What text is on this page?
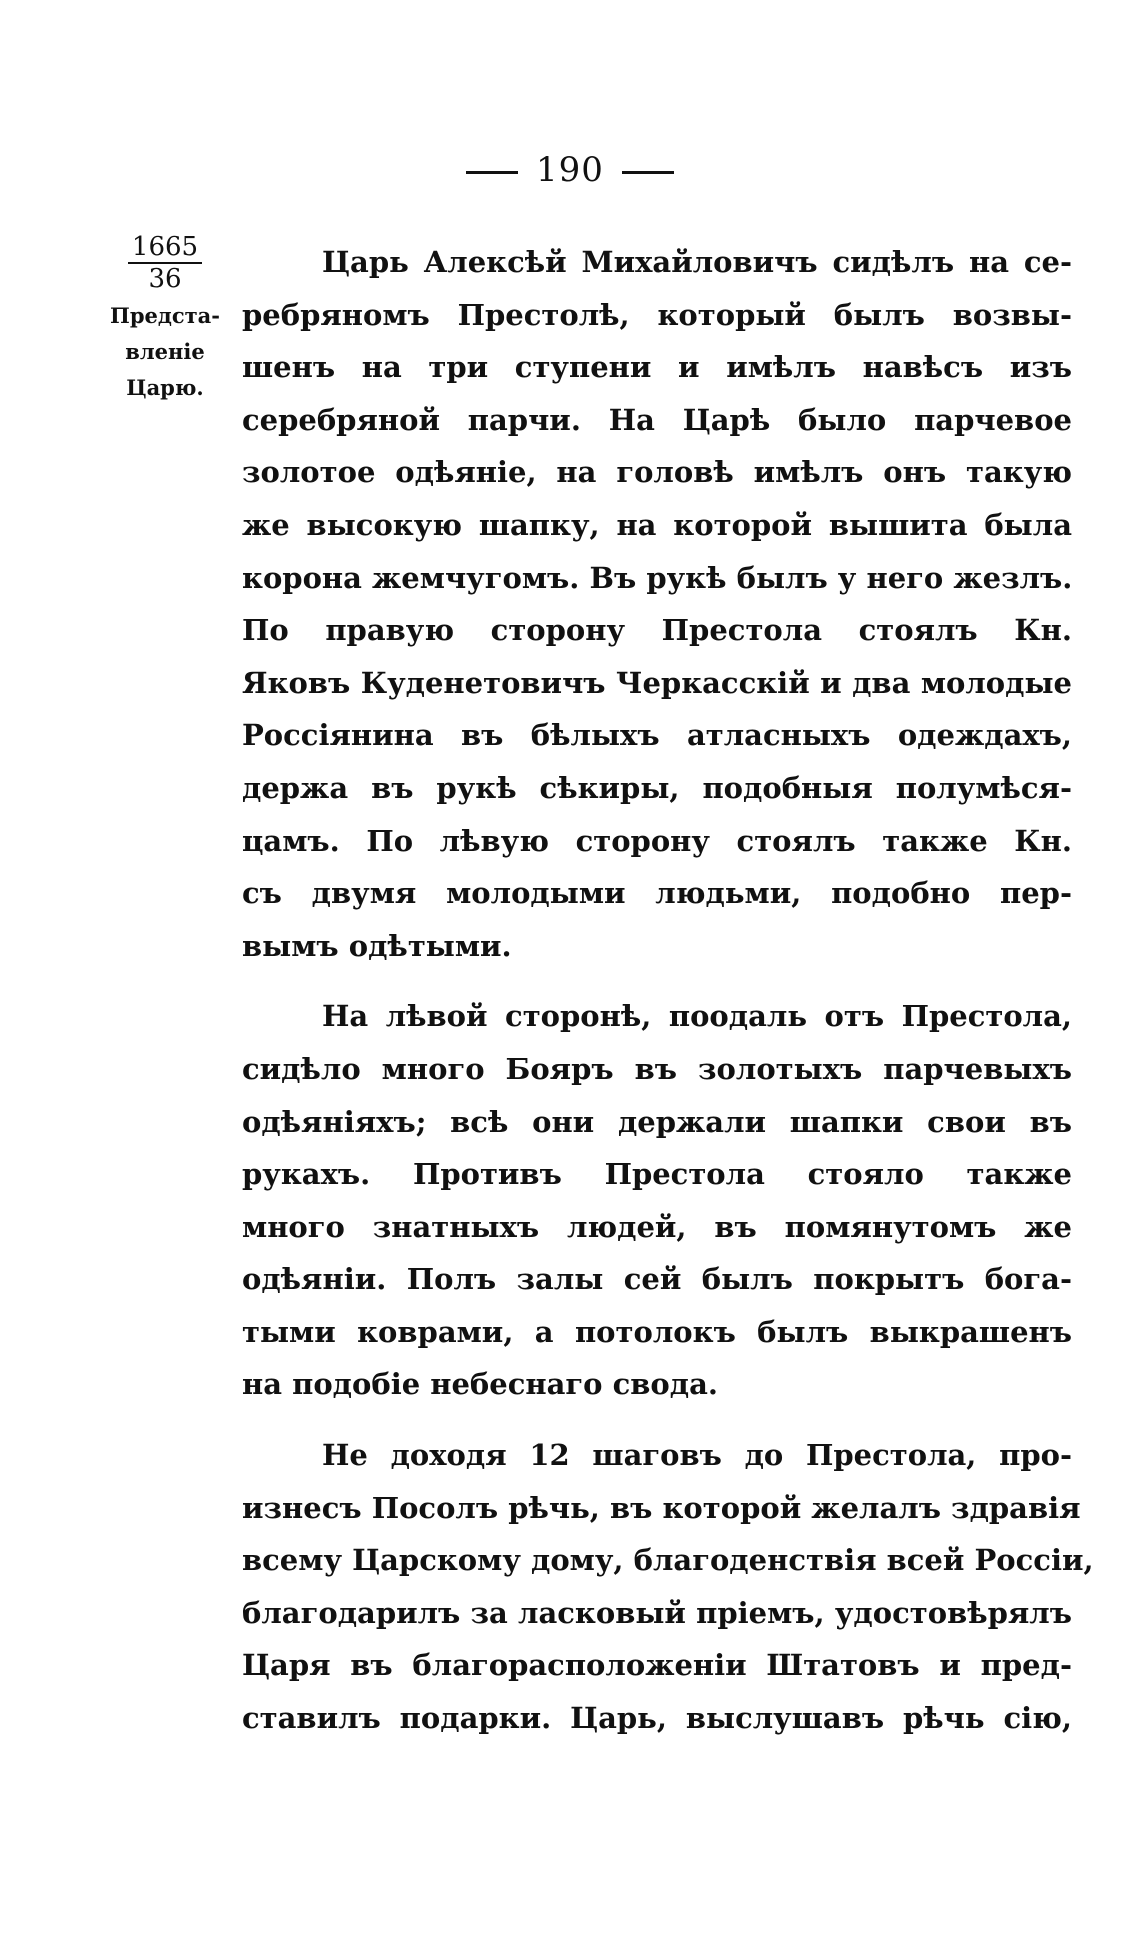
190
1665
36
Предста-
вленіе
Царю.

Царь Алексѣй Михайловичъ сидѣлъ на се-
ребряномъ Престолѣ, который былъ возвы-
шенъ на три ступени и имѣлъ навѣсъ изъ
серебряной парчи. На Царѣ было парчевое
золотое одѣяніе, на головѣ имѣлъ онъ такую
же высокую шапку, на которой вышита была
корона жемчугомъ. Въ рукѣ былъ у него жезлъ.
По правую сторону Престола стоялъ Кн.
Яковъ Куденетовичъ Черкасскій и два молодые
Россіянина въ бѣлыхъ атласныхъ одеждахъ,
держа въ рукѣ сѣкиры, подобныя полумѣся-
цамъ. По лѣвую сторону стоялъ также Кн.
съ двумя молодыми людьми, подобно пер-
вымъ одѣтыми.

На лѣвой сторонѣ, поодаль отъ Престола,
сидѣло много Бояръ въ золотыхъ парчевыхъ
одѣяніяхъ; всѣ они держали шапки свои въ
рукахъ. Противъ Престола стояло также
много знатныхъ людей, въ помянутомъ же
одѣяніи. Полъ залы сей былъ покрытъ бога-
тыми коврами, а потолокъ былъ выкрашенъ
на подобіе небеснаго свода.

Не доходя 12 шаговъ до Престола, про-
изнесъ Посолъ рѣчь, въ которой желалъ здравія
всему Царскому дому, благоденствія всей Россіи,
благодарилъ за ласковый пріемъ, удостовѣрялъ
Царя въ благорасположеніи Штатовъ и пред-
ставилъ подарки. Царь, выслушавъ рѣчь сію,
